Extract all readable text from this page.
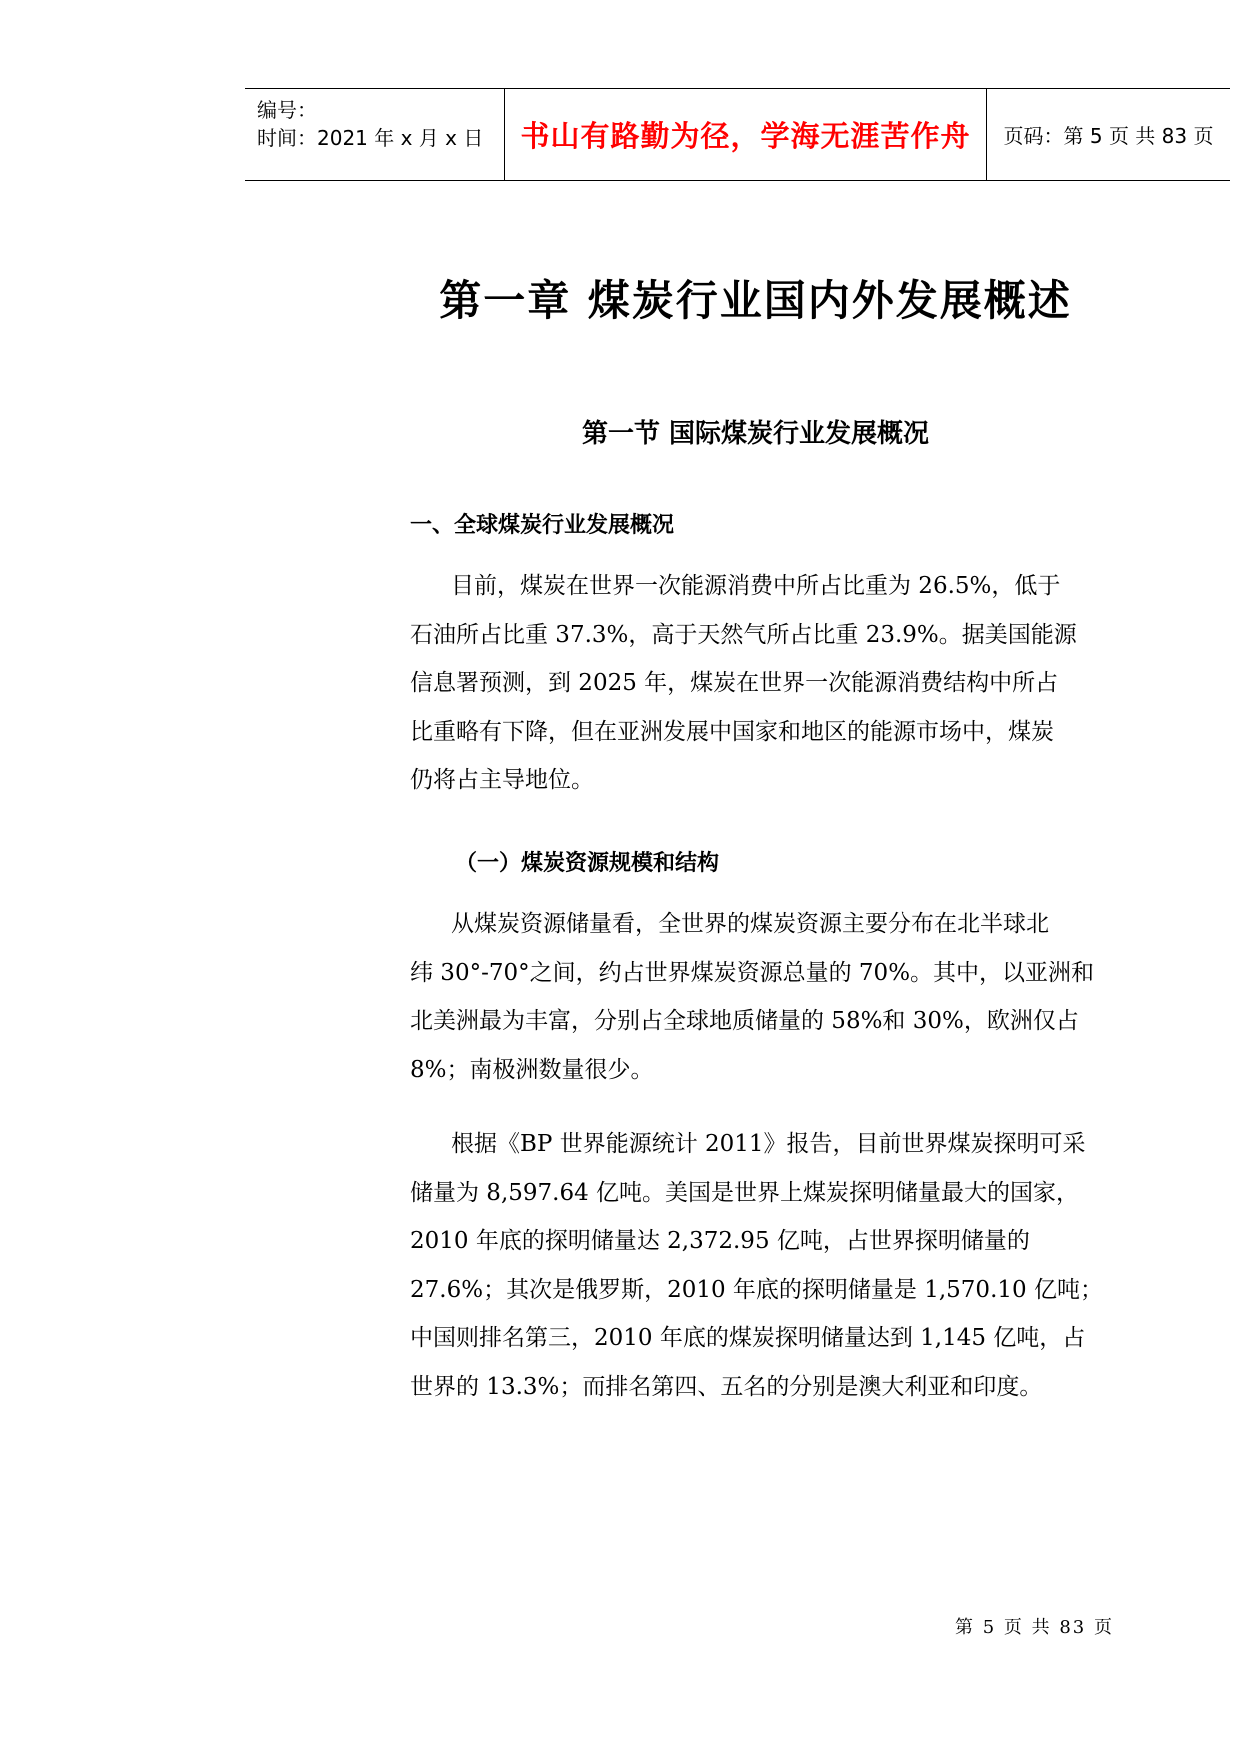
编号：
时间：2021 年 x 月 x 日	书山有路勤为径，学海无涯苦作舟	页码：第 5 页 共 83 页
第一章 煤炭行业国内外发展概述
第一节 国际煤炭行业发展概况
一、全球煤炭行业发展概况
目前，煤炭在世界一次能源消费中所占比重为 26.5%，低于
石油所占比重 37.3%，高于天然气所占比重 23.9%。据美国能源
信息署预测，到 2025 年，煤炭在世界一次能源消费结构中所占
比重略有下降，但在亚洲发展中国家和地区的能源市场中，煤炭
仍将占主导地位。
（一）煤炭资源规模和结构
从煤炭资源储量看，全世界的煤炭资源主要分布在北半球北
纬 30°-70°之间，约占世界煤炭资源总量的 70%。其中，以亚洲和
北美洲最为丰富，分别占全球地质储量的 58%和 30%，欧洲仅占
8%；南极洲数量很少。
根据《BP 世界能源统计 2011》报告，目前世界煤炭探明可采
储量为 8,597.64 亿吨。美国是世界上煤炭探明储量最大的国家，
2010 年底的探明储量达 2,372.95 亿吨，占世界探明储量的
27.6%；其次是俄罗斯，2010 年底的探明储量是 1,570.10 亿吨；
中国则排名第三，2010 年底的煤炭探明储量达到 1,145 亿吨，占
世界的 13.3%；而排名第四、五名的分别是澳大利亚和印度。
第 5 页 共 83 页
